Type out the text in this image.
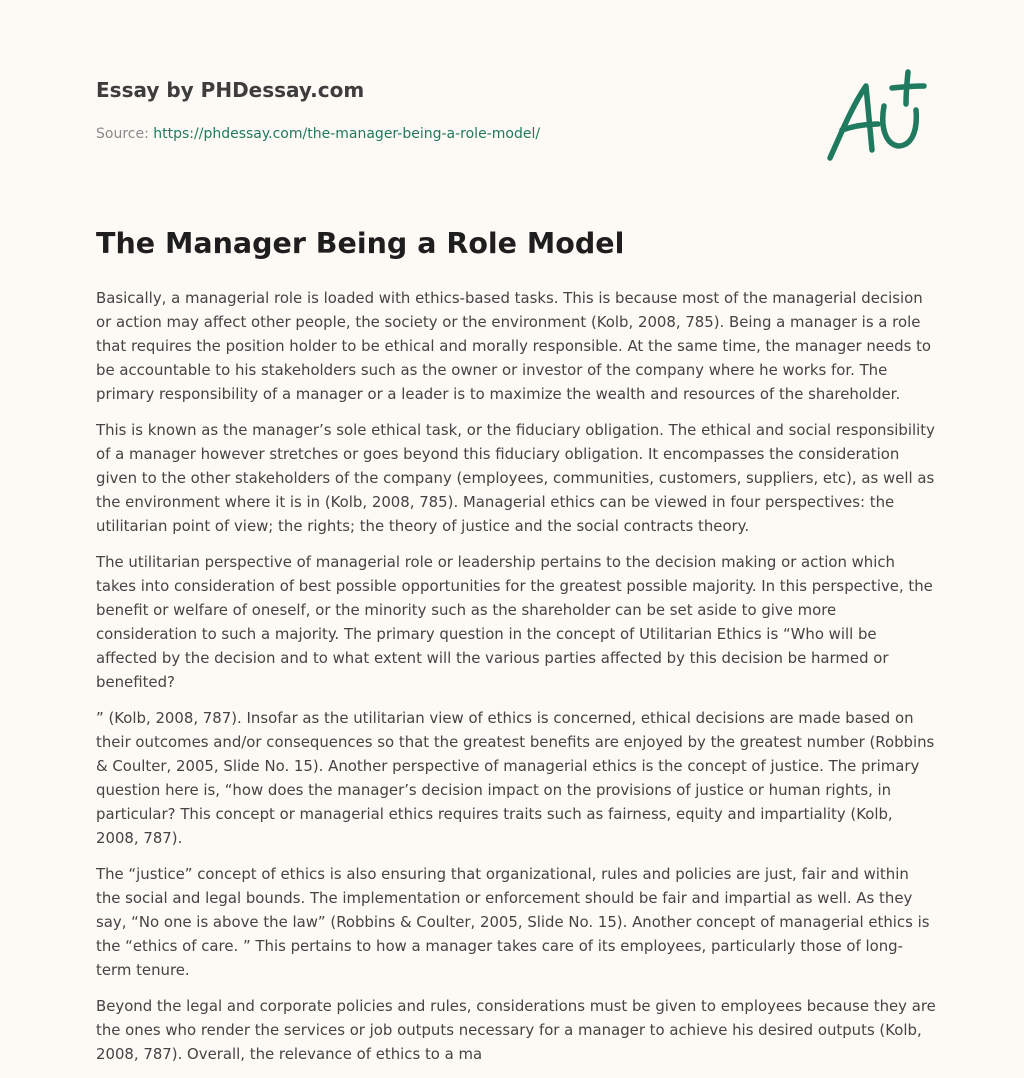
Essay by PHDessay.com
Source: https://phdessay.com/the-manager-being-a-role-model/
The Manager Being a Role Model

Basically, a managerial role is loaded with ethics-based tasks. This is because most of the managerial decision or action may affect other people, the society or the environment (Kolb, 2008, 785). Being a manager is a role that requires the position holder to be ethical and morally responsible. At the same time, the manager needs to be accountable to his stakeholders such as the owner or investor of the company where he works for. The primary responsibility of a manager or a leader is to maximize the wealth and resources of the shareholder.

This is known as the manager’s sole ethical task, or the fiduciary obligation. The ethical and social responsibility of a manager however stretches or goes beyond this fiduciary obligation. It encompasses the consideration given to the other stakeholders of the company (employees, communities, customers, suppliers, etc), as well as the environment where it is in (Kolb, 2008, 785). Managerial ethics can be viewed in four perspectives: the utilitarian point of view; the rights; the theory of justice and the social contracts theory.

The utilitarian perspective of managerial role or leadership pertains to the decision making or action which takes into consideration of best possible opportunities for the greatest possible majority. In this perspective, the benefit or welfare of oneself, or the minority such as the shareholder can be set aside to give more consideration to such a majority. The primary question in the concept of Utilitarian Ethics is “Who will be affected by the decision and to what extent will the various parties affected by this decision be harmed or benefited?

” (Kolb, 2008, 787). Insofar as the utilitarian view of ethics is concerned, ethical decisions are made based on their outcomes and/or consequences so that the greatest benefits are enjoyed by the greatest number (Robbins & Coulter, 2005, Slide No. 15). Another perspective of managerial ethics is the concept of justice. The primary question here is, “how does the manager’s decision impact on the provisions of justice or human rights, in particular? This concept or managerial ethics requires traits such as fairness, equity and impartiality (Kolb, 2008, 787).

The “justice” concept of ethics is also ensuring that organizational, rules and policies are just, fair and within the social and legal bounds. The implementation or enforcement should be fair and impartial as well. As they say, “No one is above the law” (Robbins & Coulter, 2005, Slide No. 15). Another concept of managerial ethics is the “ethics of care. ” This pertains to how a manager takes care of its employees, particularly those of long-term tenure.

Beyond the legal and corporate policies and rules, considerations must be given to employees because they are the ones who render the services or job outputs necessary for a manager to achieve his desired outputs (Kolb, 2008, 787). Overall, the relevance of ethics to a ma
